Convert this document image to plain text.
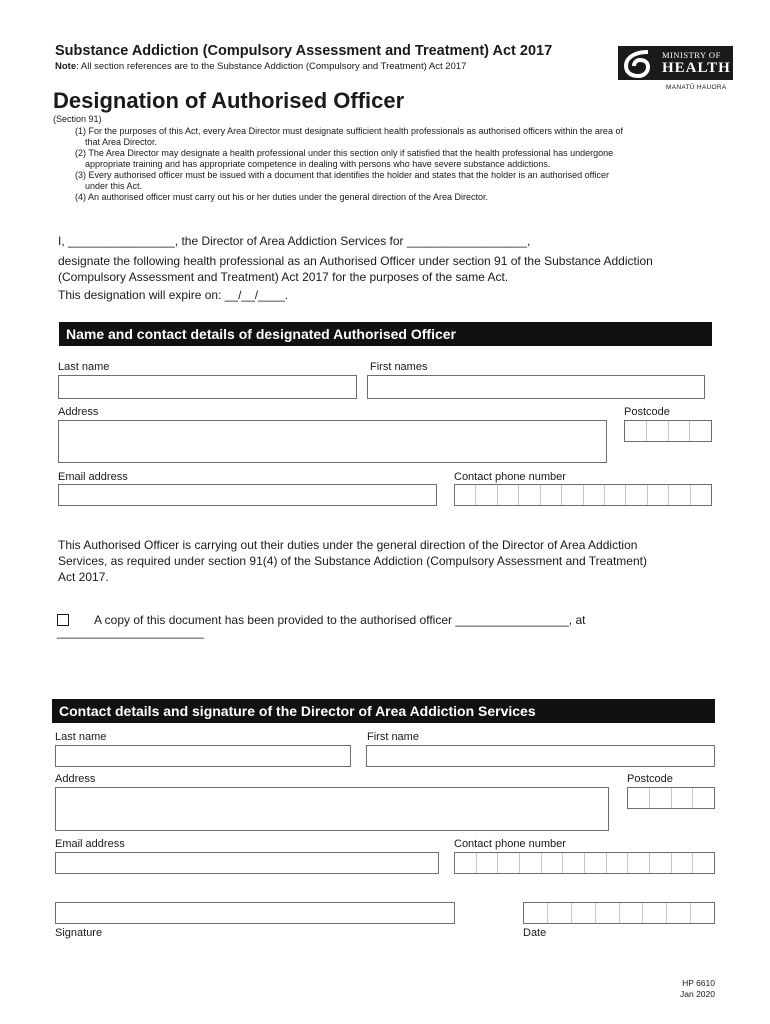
Substance Addiction (Compulsory Assessment and Treatment) Act 2017
Note: All section references are to the Substance Addiction (Compulsory and Treatment) Act 2017
MINISTRY OF
HEALTH
MANATŪ HAUORA
Designation of Authorised Officer
(Section 91)

(1) For the purposes of this Act, every Area Director must designate sufficient health professionals as authorised officers within the area of
that Area Director.

(2) The Area Director may designate a health professional under this section only if satisfied that the health professional has undergone
appropriate training and has appropriate competence in dealing with persons who have severe substance addictions.

(3) Every authorised officer must be issued with a document that identifies the holder and states that the holder is an authorised officer
under this Act.

(4) An authorised officer must carry out his or her duties under the general direction of the Area Director.

I, ________________, the Director of Area Addiction Services for __________________,
designate the following health professional as an Authorised Officer under section 91 of the Substance Addiction
(Compulsory Assessment and Treatment) Act 2017 for the purposes of the same Act.
This designation will expire on: __/__/____.
Name and contact details of designated Authorised Officer
Last name	First names
Address	Postcode
Email address	Contact phone number
This Authorised Officer is carrying out their duties under the general direction of the Director of Area Addiction
Services, as required under section 91(4) of the Substance Addiction (Compulsory Assessment and Treatment)
Act 2017.
A copy of this document has been provided to the authorised officer _________________, at
______________________
Contact details and signature of the Director of Area Addiction Services
Last name	First name
Address	Postcode
Email address	Contact phone number
Signature	Date
HP 6610
Jan 2020
